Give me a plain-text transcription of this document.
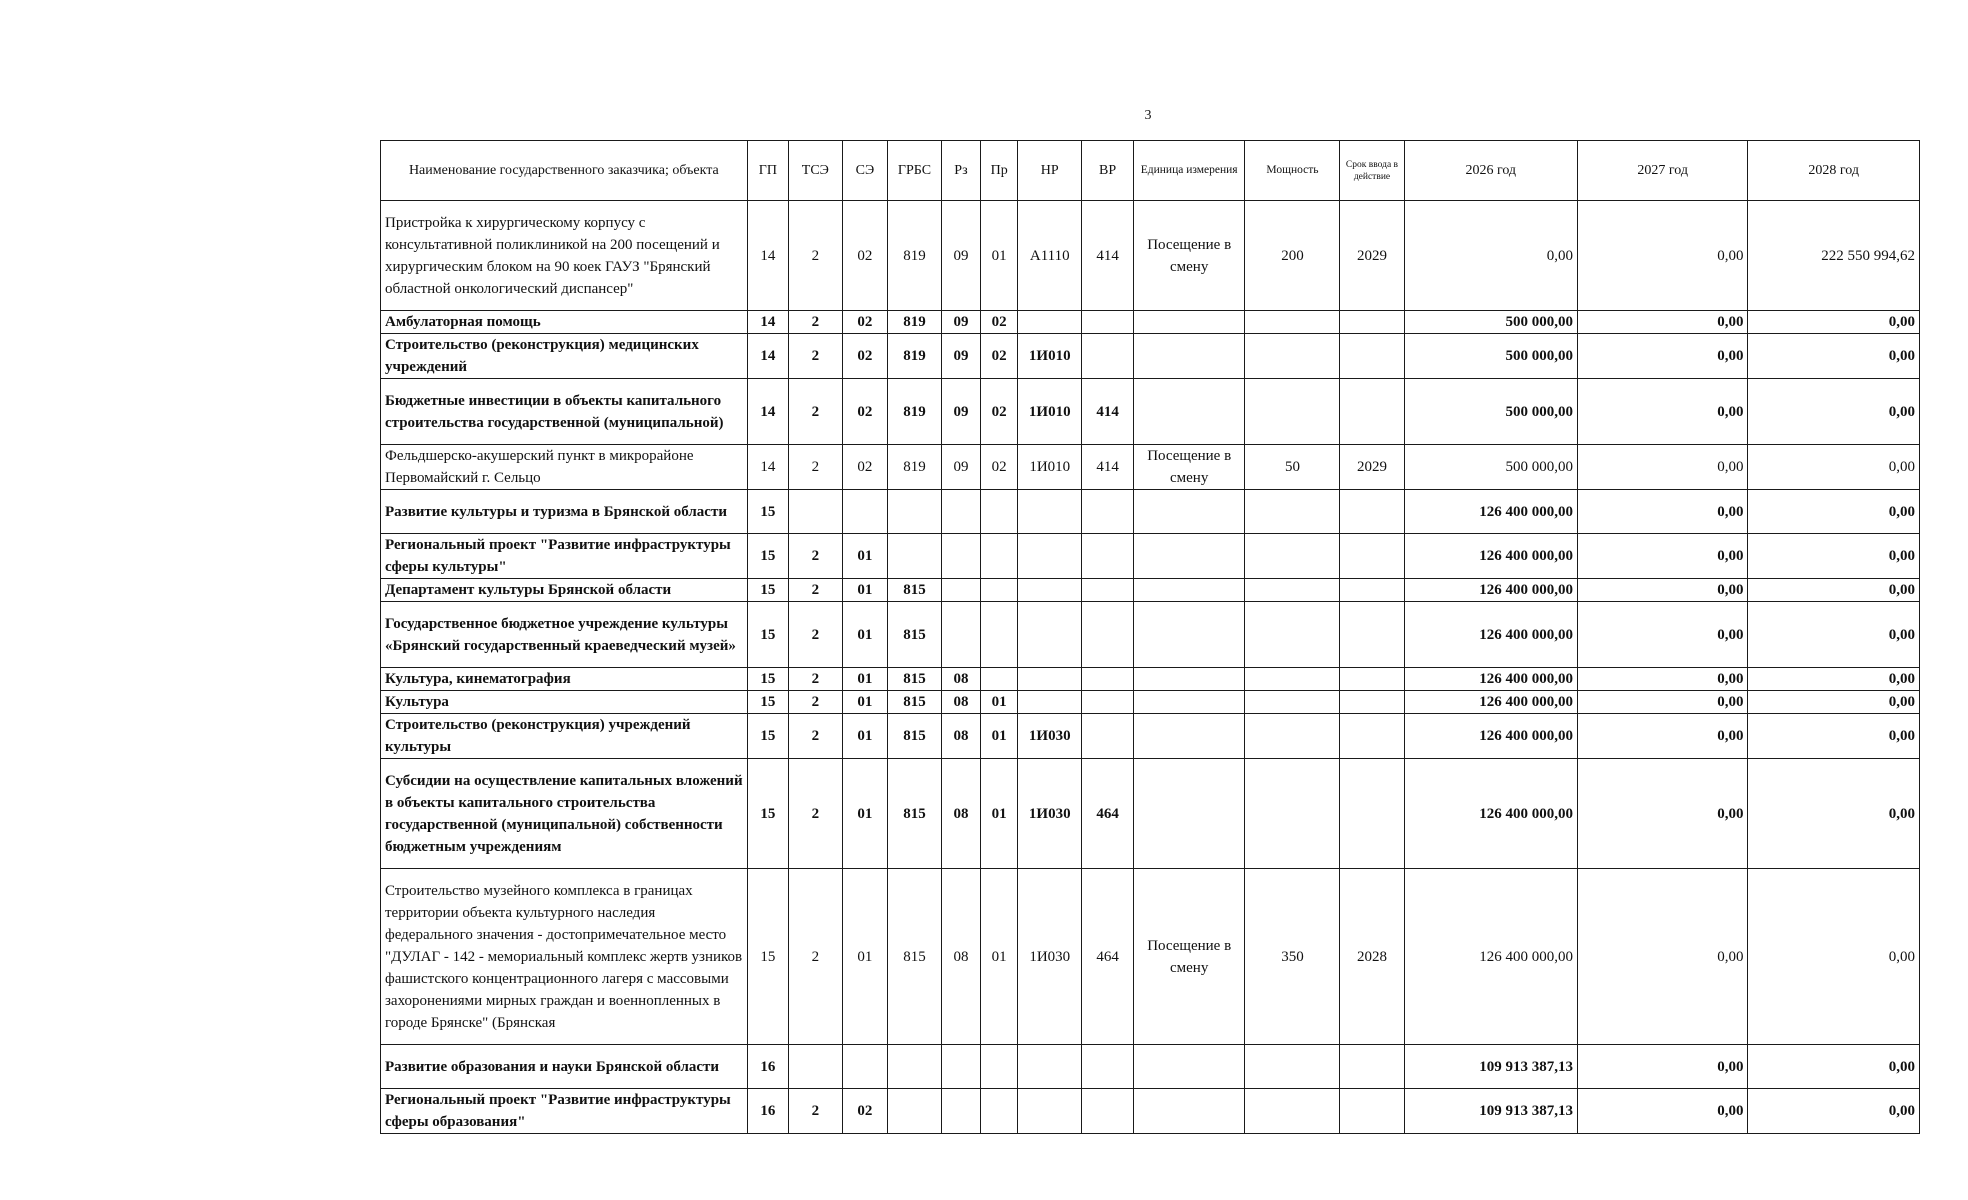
3
Наименование государственного заказчика; объекта	ГП	ТСЭ	СЭ	ГРБС	Рз	Пр	НР	ВР	Единица измерения	Мощность	Срок ввода в действие	2026 год	2027 год	2028 год
Пристройка к хирургическому корпусу с консультативной поликлиникой на 200 посещений и хирургическим блоком на 90 коек ГАУЗ "Брянский областной онкологический диспансер"	14	2	02	819	09	01	А1110	414	Посещение в смену	200	2029	0,00	0,00	222 550 994,62
Амбулаторная помощь	14	2	02	819	09	02						500 000,00	0,00	0,00
Строительство (реконструкция) медицинских учреждений	14	2	02	819	09	02	1И010					500 000,00	0,00	0,00
Бюджетные инвестиции в объекты капитального строительства государственной (муниципальной)	14	2	02	819	09	02	1И010	414				500 000,00	0,00	0,00
Фельдшерско-акушерский пункт в микрорайоне Первомайский г. Сельцо	14	2	02	819	09	02	1И010	414	Посещение в смену	50	2029	500 000,00	0,00	0,00
Развитие культуры и туризма в Брянской области	15											126 400 000,00	0,00	0,00
Региональный проект "Развитие инфраструктуры сферы культуры"	15	2	01									126 400 000,00	0,00	0,00
Департамент культуры Брянской области	15	2	01	815								126 400 000,00	0,00	0,00
Государственное бюджетное учреждение культуры «Брянский государственный краеведческий музей»	15	2	01	815								126 400 000,00	0,00	0,00
Культура, кинематография	15	2	01	815	08							126 400 000,00	0,00	0,00
Культура	15	2	01	815	08	01						126 400 000,00	0,00	0,00
Строительство (реконструкция) учреждений культуры	15	2	01	815	08	01	1И030					126 400 000,00	0,00	0,00
Субсидии на осуществление капитальных вложений в объекты капитального строительства государственной (муниципальной) собственности бюджетным учреждениям	15	2	01	815	08	01	1И030	464				126 400 000,00	0,00	0,00
Строительство музейного комплекса в границах территории объекта культурного наследия федерального значения - достопримечательное место "ДУЛАГ - 142 - мемориальный комплекс жертв узников фашистского концентрационного лагеря с массовыми захоронениями мирных граждан и военнопленных в городе Брянске" (Брянская	15	2	01	815	08	01	1И030	464	Посещение в смену	350	2028	126 400 000,00	0,00	0,00
Развитие образования и науки Брянской области	16											109 913 387,13	0,00	0,00
Региональный проект "Развитие инфраструктуры сферы образования"	16	2	02									109 913 387,13	0,00	0,00
